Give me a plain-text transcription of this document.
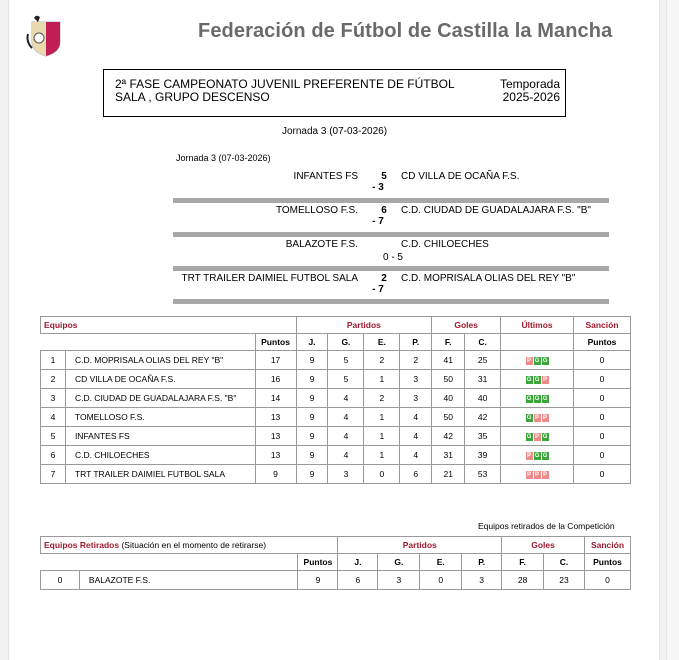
Federación de Fútbol de Castilla la Mancha
2ª FASE CAMPEONATO JUVENIL PREFERENTE DE FÚTBOL
SALA , GRUPO DESCENSO
Temporada
2025-2026
Jornada 3 (07-03-2026)
Jornada 3 (07-03-2026)
INFANTES FS	5	CD VILLA DE OCAÑA F.S.
- 3
TOMELLOSO F.S.	6	C.D. CIUDAD DE GUADALAJARA F.S. "B"
- 7
BALAZOTE F.S.	C.D. CHILOECHES
0 - 5
TRT TRAILER DAIMIEL FUTBOL SALA	2	C.D. MOPRISALA OLIAS DEL REY "B"
- 7
Equipos			Partidos				Goles		Últimos	Sanción
		Puntos	J.	G.	E.	P.	F.	C.		Puntos
1	C.D. MOPRISALA OLIAS DEL REY "B"	17	9	5	2	2	41	25	P G G	0
2	CD VILLA DE OCAÑA F.S.	16	9	5	1	3	50	31	G G P	0
3	C.D. CIUDAD DE GUADALAJARA F.S. "B"	14	9	4	2	3	40	40	G G G	0
4	TOMELLOSO F.S.	13	9	4	1	4	50	42	G P P	0
5	INFANTES FS	13	9	4	1	4	42	35	G P G	0
6	C.D. CHILOECHES	13	9	4	1	4	31	39	P G G	0
7	TRT TRAILER DAIMIEL FUTBOL SALA	9	9	3	0	6	21	53	P P P	0
Equipos retirados de la Competición
Equipos Retirados (Situación en el momento de retirarse)			Partidos				Goles		Sanción
		Puntos	J.	G.	E.	P.	F.	C.	Puntos
0	BALAZOTE F.S.	9	6	3	0	3	28	23	0
